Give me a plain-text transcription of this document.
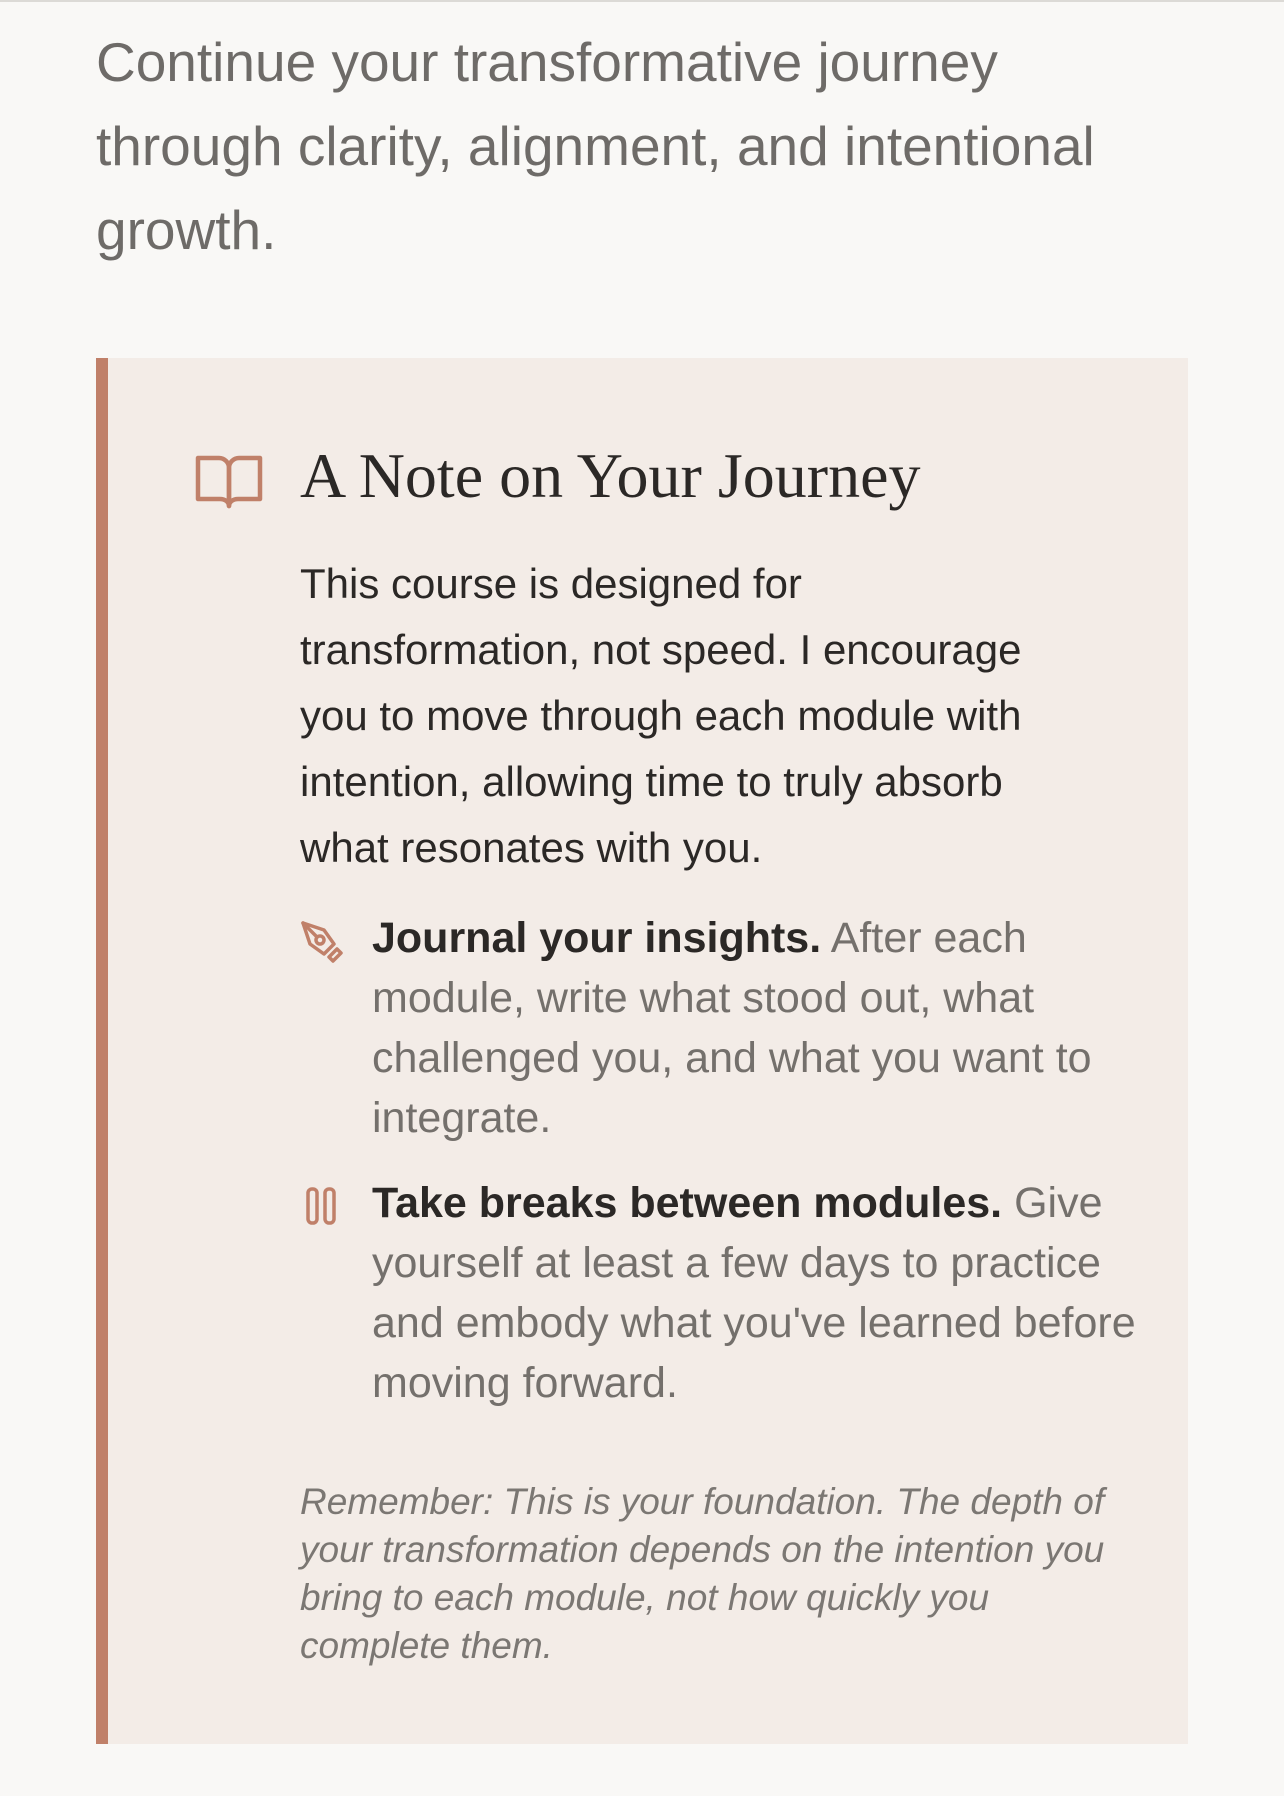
Continue your transformative journey through clarity, alignment, and intentional growth.

A Note on Your Journey

This course is designed for transformation, not speed. I encourage you to move through each module with intention, allowing time to truly absorb what resonates with you.

Journal your insights. After each module, write what stood out, what challenged you, and what you want to integrate.

Take breaks between modules. Give yourself at least a few days to practice and embody what you've learned before moving forward.

Remember: This is your foundation. The depth of your transformation depends on the intention you bring to each module, not how quickly you complete them.
